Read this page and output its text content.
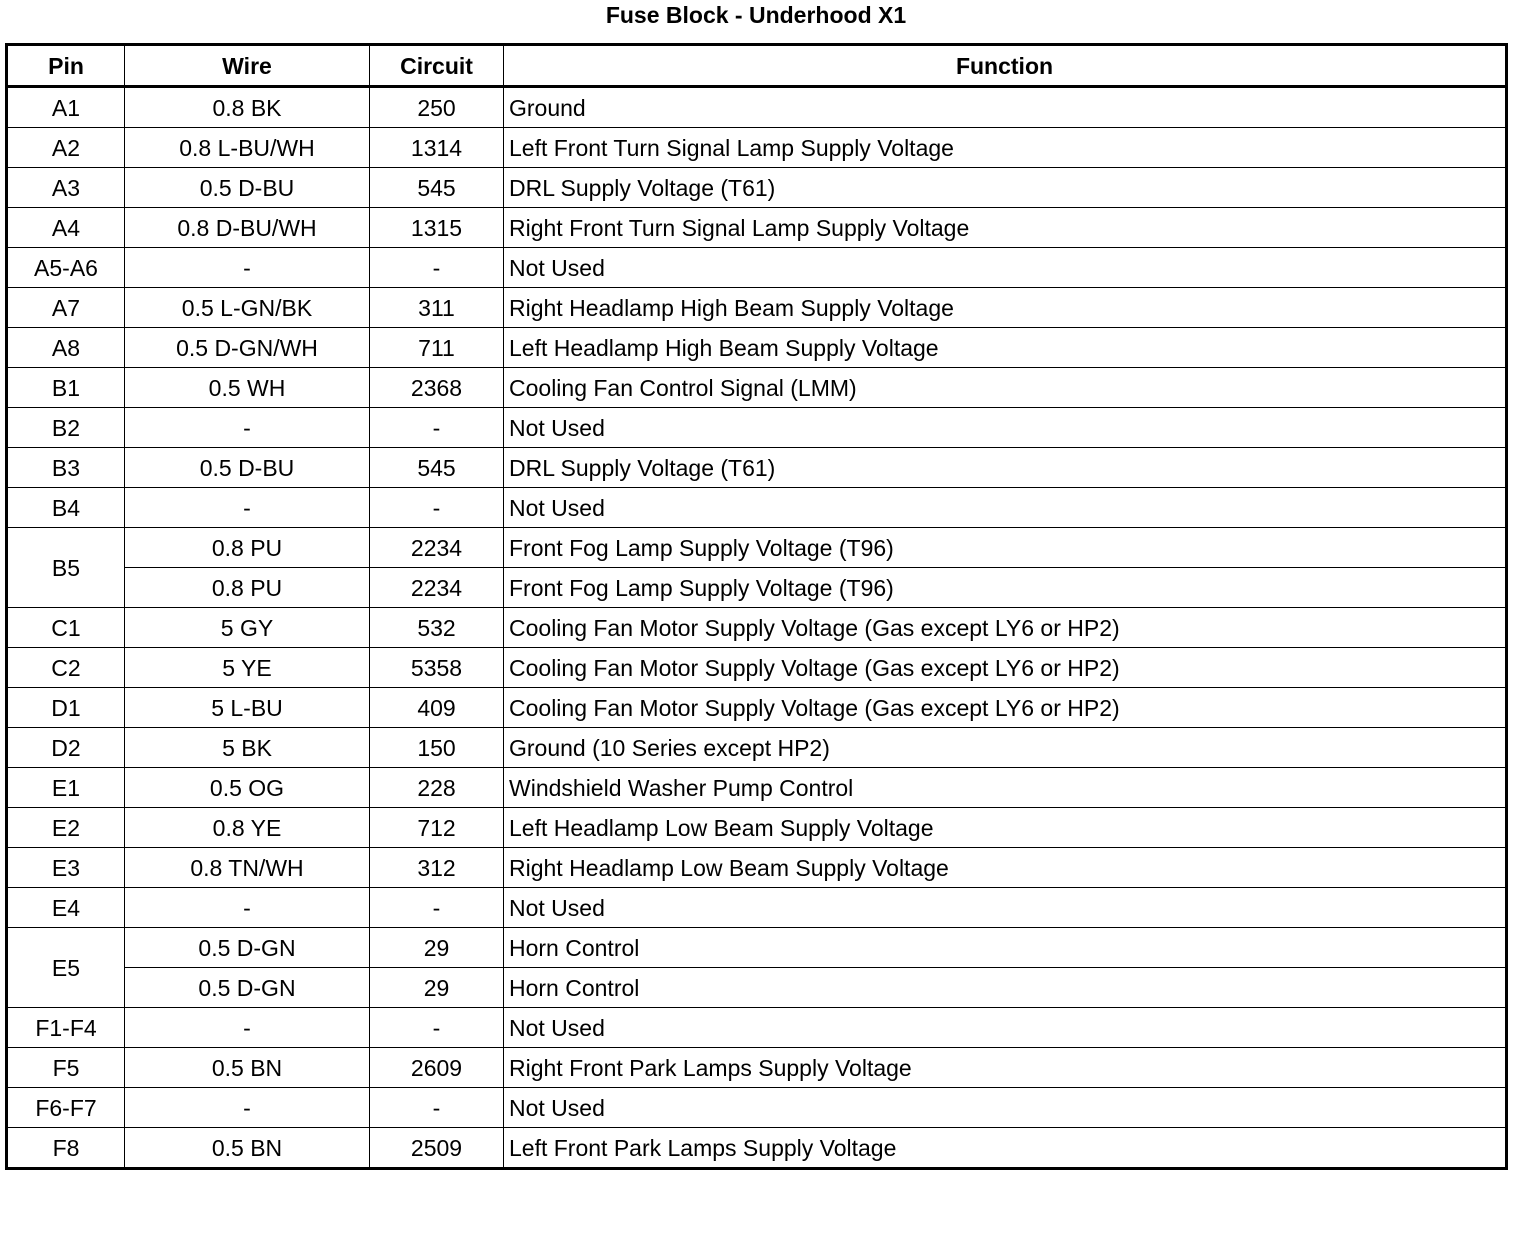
Fuse Block - Underhood X1
Pin	Wire	Circuit	Function
A1	0.8 BK	250	Ground
A2	0.8 L-BU/WH	1314	Left Front Turn Signal Lamp Supply Voltage
A3	0.5 D-BU	545	DRL Supply Voltage (T61)
A4	0.8 D-BU/WH	1315	Right Front Turn Signal Lamp Supply Voltage
A5-A6	-	-	Not Used
A7	0.5 L-GN/BK	311	Right Headlamp High Beam Supply Voltage
A8	0.5 D-GN/WH	711	Left Headlamp High Beam Supply Voltage
B1	0.5 WH	2368	Cooling Fan Control Signal (LMM)
B2	-	-	Not Used
B3	0.5 D-BU	545	DRL Supply Voltage (T61)
B4	-	-	Not Used
B5	0.8 PU	2234	Front Fog Lamp Supply Voltage (T96)
	0.8 PU	2234	Front Fog Lamp Supply Voltage (T96)
C1	5 GY	532	Cooling Fan Motor Supply Voltage (Gas except LY6 or HP2)
C2	5 YE	5358	Cooling Fan Motor Supply Voltage (Gas except LY6 or HP2)
D1	5 L-BU	409	Cooling Fan Motor Supply Voltage (Gas except LY6 or HP2)
D2	5 BK	150	Ground (10 Series except HP2)
E1	0.5 OG	228	Windshield Washer Pump Control
E2	0.8 YE	712	Left Headlamp Low Beam Supply Voltage
E3	0.8 TN/WH	312	Right Headlamp Low Beam Supply Voltage
E4	-	-	Not Used
E5	0.5 D-GN	29	Horn Control
	0.5 D-GN	29	Horn Control
F1-F4	-	-	Not Used
F5	0.5 BN	2609	Right Front Park Lamps Supply Voltage
F6-F7	-	-	Not Used
F8	0.5 BN	2509	Left Front Park Lamps Supply Voltage
